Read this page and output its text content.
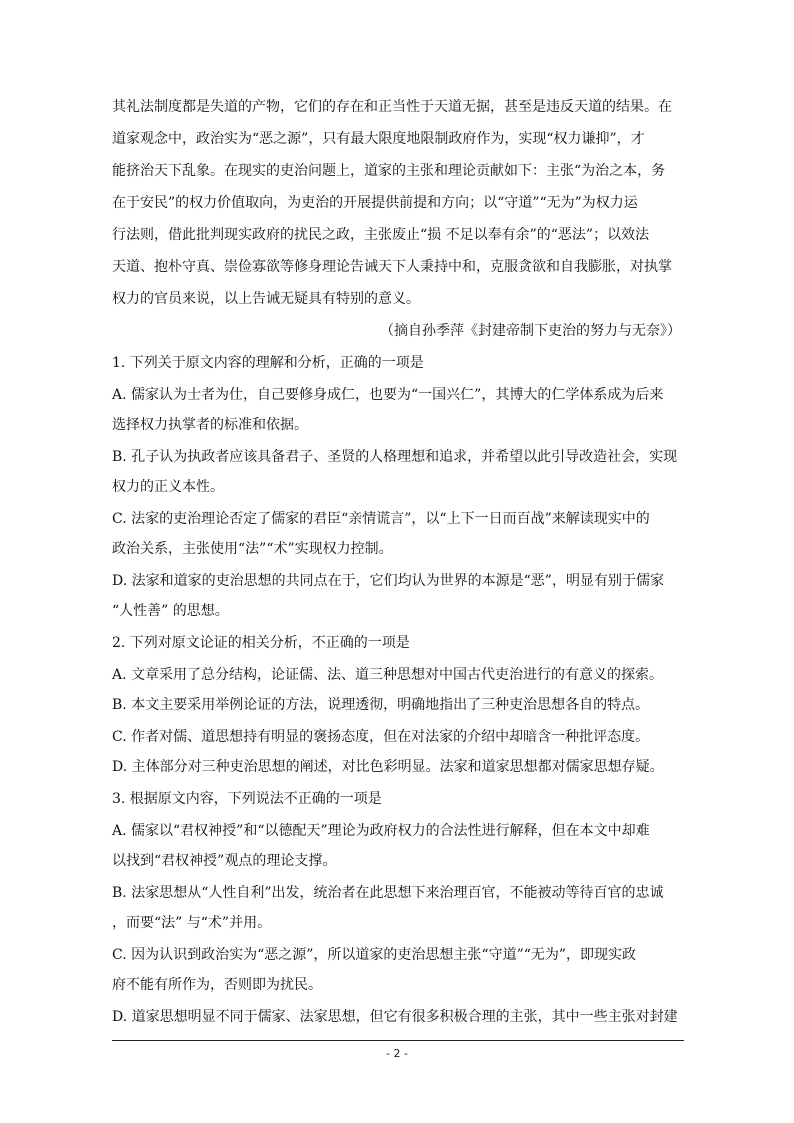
其礼法制度都是失道的产物，它们的存在和正当性于天道无据，甚至是违反天道的结果。在
道家观念中，政治实为“恶之源”，只有最大限度地限制政府作为，实现“权力谦抑”，才
能挤治天下乱象。在现实的吏治问题上，道家的主张和理论贡献如下：主张“为治之本，务
在于安民”的权力价值取向，为吏治的开展提供前提和方向；以“守道”“无为”为权力运
行法则，借此批判现实政府的扰民之政，主张废止“损 不足以奉有余”的“恶法”；以效法
天道、抱朴守真、崇俭寡欲等修身理论告诫天下人秉持中和，克服贪欲和自我膨胀，对执掌
权力的官员来说，以上告诫无疑具有特别的意义。
（摘自孙季萍《封建帝制下吏治的努力与无奈》）
1. 下列关于原文内容的理解和分析，正确的一项是
A. 儒家认为士者为仕，自己要修身成仁，也要为“一国兴仁”，其博大的仁学体系成为后来
选择权力执掌者的标准和依据。
B. 孔子认为执政者应该具备君子、圣贤的人格理想和追求，并希望以此引导改造社会，实现
权力的正义本性。
C. 法家的吏治理论否定了儒家的君臣“亲情谎言”，以“上下一日而百战”来解读现实中的
政治关系，主张使用“法”“术”实现权力控制。
D. 法家和道家的吏治思想的共同点在于，它们均认为世界的本源是“恶”，明显有别于儒家
“人性善” 的思想。
2. 下列对原文论证的相关分析，不正确的一项是
A. 文章采用了总分结构，论证儒、法、道三种思想对中国古代吏治进行的有意义的探索。
B. 本文主要采用举例论证的方法，说理透彻，明确地指出了三种吏治思想各自的特点。
C. 作者对儒、道思想持有明显的褒扬态度，但在对法家的介绍中却暗含一种批评态度。
D. 主体部分对三种吏治思想的阐述，对比色彩明显。法家和道家思想都对儒家思想存疑。
3. 根据原文内容，下列说法不正确的一项是
A. 儒家以“君权神授”和“以德配天”理论为政府权力的合法性进行解释，但在本文中却难
以找到“君权神授”观点的理论支撑。
B. 法家思想从“人性自利”出发，统治者在此思想下来治理百官，不能被动等待百官的忠诚
，而要“法” 与“术”并用。
C. 因为认识到政治实为“恶之源”，所以道家的吏治思想主张“守道”“无为”，即现实政
府不能有所作为，否则即为扰民。
D. 道家思想明显不同于儒家、法家思想，但它有很多积极合理的主张，其中一些主张对封建
- 2 -
